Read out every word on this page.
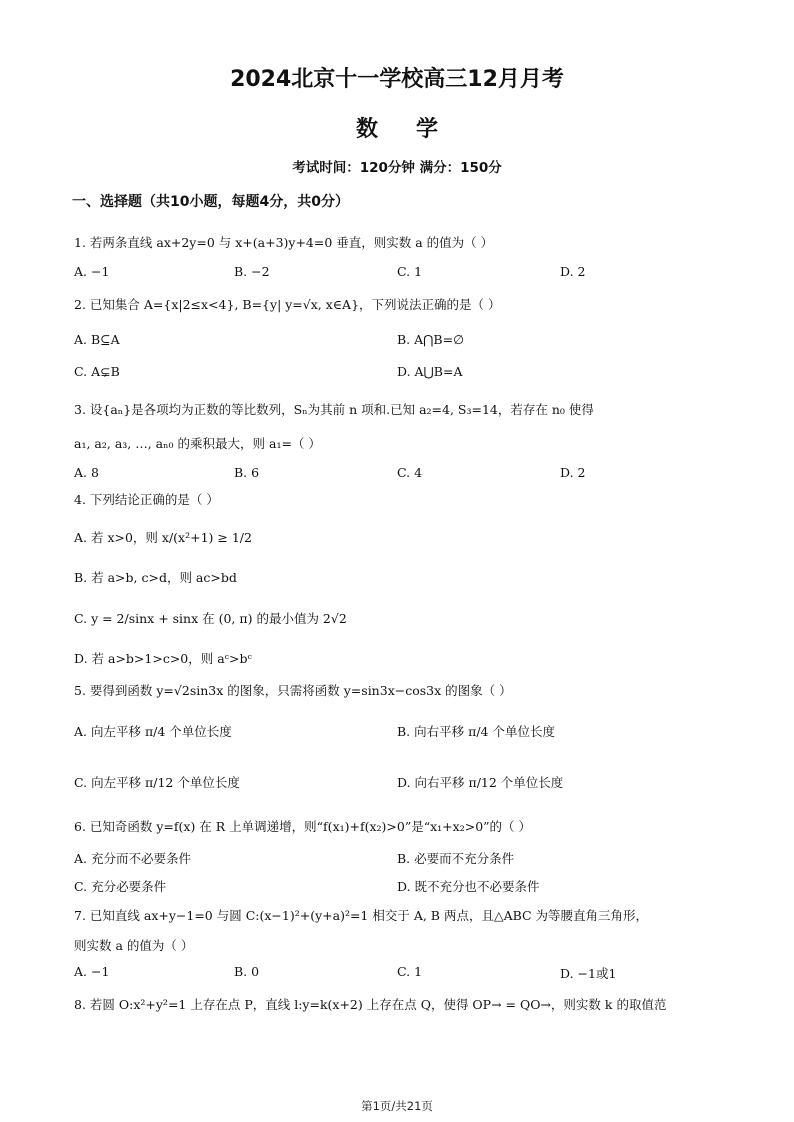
2024北京十一学校高三12月月考
数学
考试时间：120分钟 满分：150分
一、选择题（共10小题，每题4分，共0分）
1. 若两条直线 ax+2y=0 与 x+(a+3)y+4=0 垂直，则实数 a 的值为（ ）
A. −1	B. −2	C. 1	D. 2
2. 已知集合 A={x|2≤x<4}, B={y| y=√x, x∈A}，下列说法正确的是（ ）
A. B⊆A	B. A⋂B=∅
C. A⊊B	D. A⋃B=A
3. 设{aₙ}是各项均为正数的等比数列，Sₙ为其前 n 项和.已知 a₂=4, S₃=14，若存在 n₀ 使得
a₁, a₂, a₃, …, aₙ₀ 的乘积最大，则 a₁=（ ）
A. 8	B. 6	C. 4	D. 2
4. 下列结论正确的是（ ）
A. 若 x>0，则 x/(x²+1) ≥ 1/2
B. 若 a>b, c>d，则 ac>bd
C. y = 2/sinx + sinx 在 (0, π) 的最小值为 2√2
D. 若 a>b>1>c>0，则 aᶜ>bᶜ
5. 要得到函数 y=√2sin3x 的图象，只需将函数 y=sin3x−cos3x 的图象（ ）
A. 向左平移 π/4 个单位长度	B. 向右平移 π/4 个单位长度
C. 向左平移 π/12 个单位长度	D. 向右平移 π/12 个单位长度
6. 已知奇函数 y=f(x) 在 R 上单调递增，则“f(x₁)+f(x₂)>0”是“x₁+x₂>0”的（ ）
A. 充分而不必要条件	B. 必要而不充分条件
C. 充分必要条件	D. 既不充分也不必要条件
7. 已知直线 ax+y−1=0 与圆 C:(x−1)²+(y+a)²=1 相交于 A, B 两点，且△ABC 为等腰直角三角形，
则实数 a 的值为（ ）
A. −1	B. 0	C. 1	D. −1或1
8. 若圆 O:x²+y²=1 上存在点 P，直线 l:y=k(x+2) 上存在点 Q，使得 OP→ = QO→，则实数 k 的取值范
第1页/共21页
